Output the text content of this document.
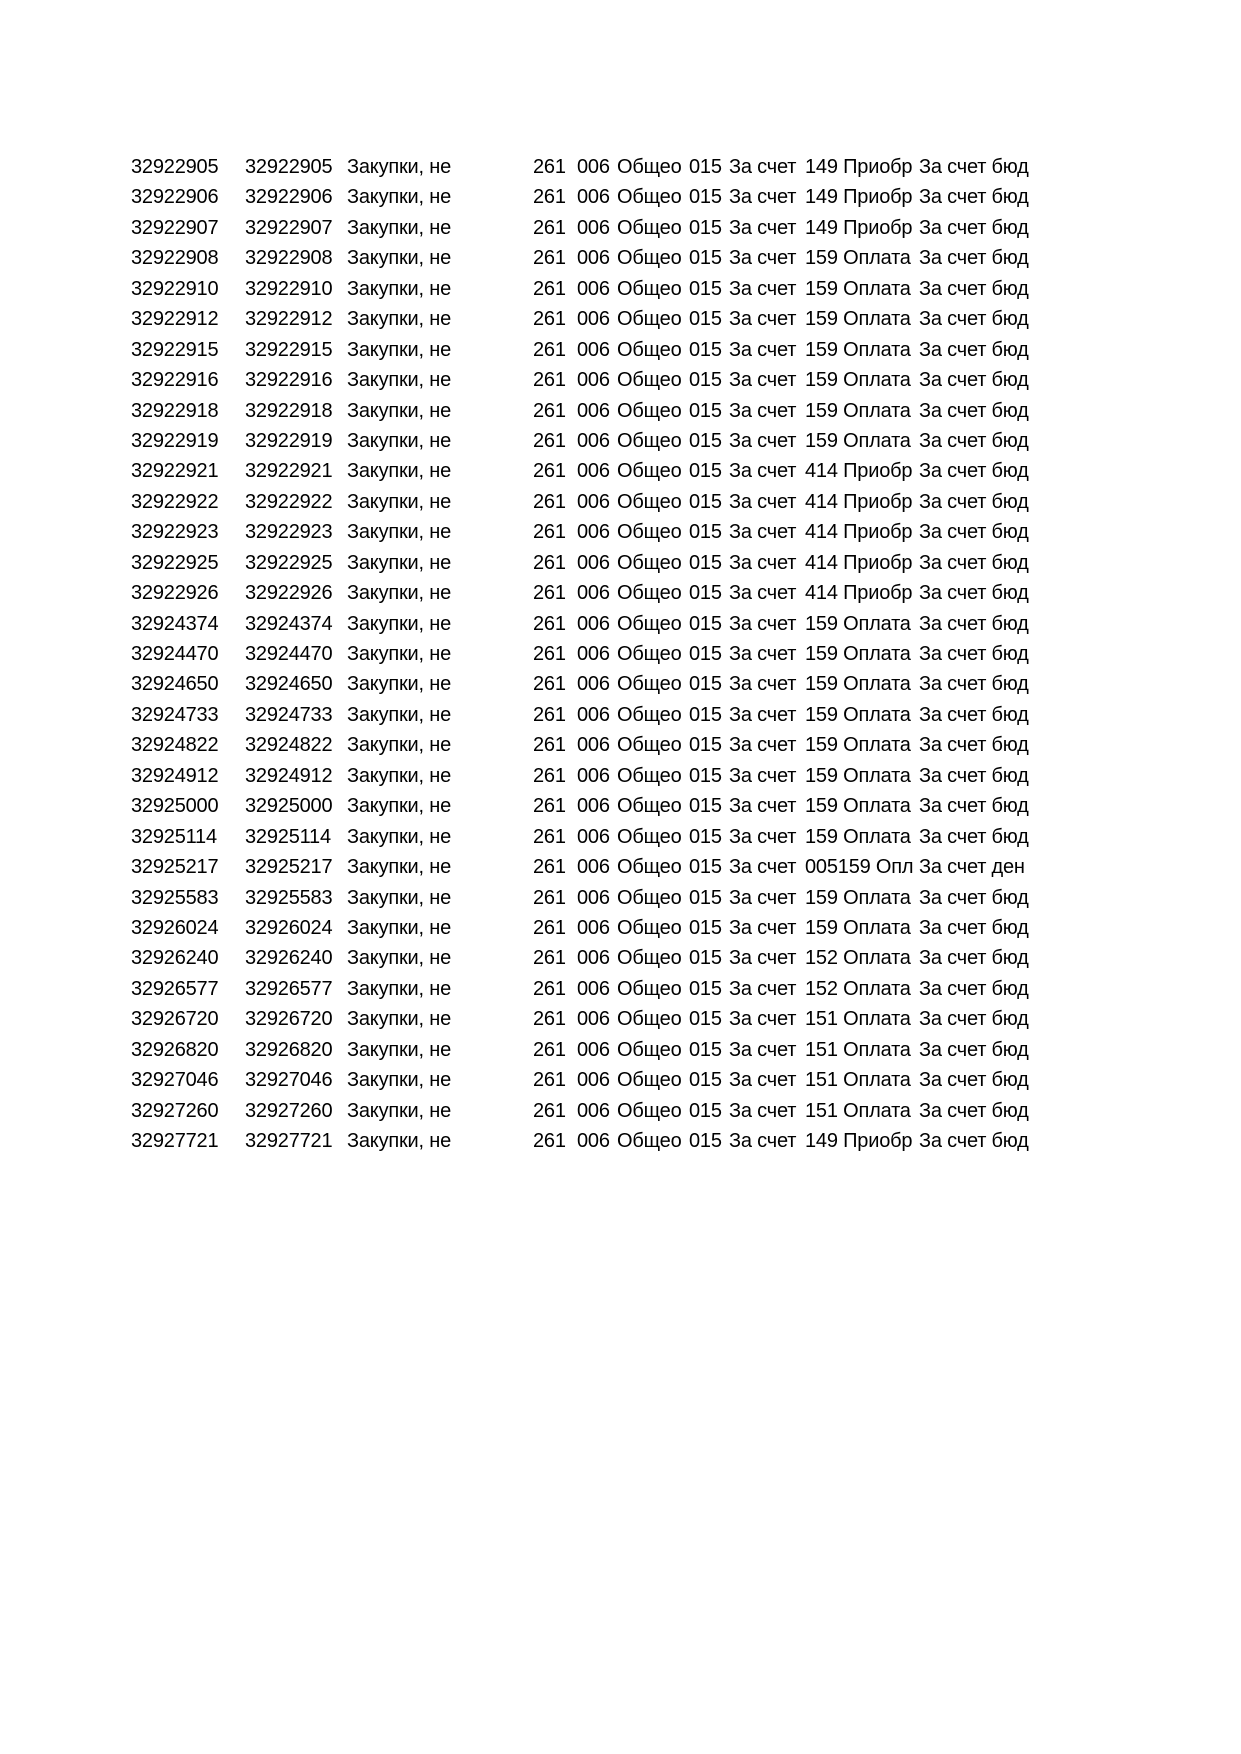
32922905	32922905 Закупки, не	261 006 Общео 015 За счет 149 Приобр За счет бюд
32922906	32922906 Закупки, не	261 006 Общео 015 За счет 149 Приобр За счет бюд
32922907	32922907 Закупки, не	261 006 Общео 015 За счет 149 Приобр За счет бюд
32922908	32922908 Закупки, не	261 006 Общео 015 За счет 159 Оплата За счет бюд
32922910	32922910 Закупки, не	261 006 Общео 015 За счет 159 Оплата За счет бюд
32922912	32922912 Закупки, не	261 006 Общео 015 За счет 159 Оплата За счет бюд
32922915	32922915 Закупки, не	261 006 Общео 015 За счет 159 Оплата За счет бюд
32922916	32922916 Закупки, не	261 006 Общео 015 За счет 159 Оплата За счет бюд
32922918	32922918 Закупки, не	261 006 Общео 015 За счет 159 Оплата За счет бюд
32922919	32922919 Закупки, не	261 006 Общео 015 За счет 159 Оплата За счет бюд
32922921	32922921 Закупки, не	261 006 Общео 015 За счет 414 Приобр За счет бюд
32922922	32922922 Закупки, не	261 006 Общео 015 За счет 414 Приобр За счет бюд
32922923	32922923 Закупки, не	261 006 Общео 015 За счет 414 Приобр За счет бюд
32922925	32922925 Закупки, не	261 006 Общео 015 За счет 414 Приобр За счет бюд
32922926	32922926 Закупки, не	261 006 Общео 015 За счет 414 Приобр За счет бюд
32924374	32924374 Закупки, не	261 006 Общео 015 За счет 159 Оплата За счет бюд
32924470	32924470 Закупки, не	261 006 Общео 015 За счет 159 Оплата За счет бюд
32924650	32924650 Закупки, не	261 006 Общео 015 За счет 159 Оплата За счет бюд
32924733	32924733 Закупки, не	261 006 Общео 015 За счет 159 Оплата За счет бюд
32924822	32924822 Закупки, не	261 006 Общео 015 За счет 159 Оплата За счет бюд
32924912	32924912 Закупки, не	261 006 Общео 015 За счет 159 Оплата За счет бюд
32925000	32925000 Закупки, не	261 006 Общео 015 За счет 159 Оплата За счет бюд
32925114	32925114 Закупки, не	261 006 Общео 015 За счет 159 Оплата За счет бюд
32925217	32925217 Закупки, не	261 006 Общео 015 За счет 005159 Опл За счет ден
32925583	32925583 Закупки, не	261 006 Общео 015 За счет 159 Оплата За счет бюд
32926024	32926024 Закупки, не	261 006 Общео 015 За счет 159 Оплата За счет бюд
32926240	32926240 Закупки, не	261 006 Общео 015 За счет 152 Оплата За счет бюд
32926577	32926577 Закупки, не	261 006 Общео 015 За счет 152 Оплата За счет бюд
32926720	32926720 Закупки, не	261 006 Общео 015 За счет 151 Оплата За счет бюд
32926820	32926820 Закупки, не	261 006 Общео 015 За счет 151 Оплата За счет бюд
32927046	32927046 Закупки, не	261 006 Общео 015 За счет 151 Оплата За счет бюд
32927260	32927260 Закупки, не	261 006 Общео 015 За счет 151 Оплата За счет бюд
32927721	32927721 Закупки, не	261 006 Общео 015 За счет 149 Приобр За счет бюд
